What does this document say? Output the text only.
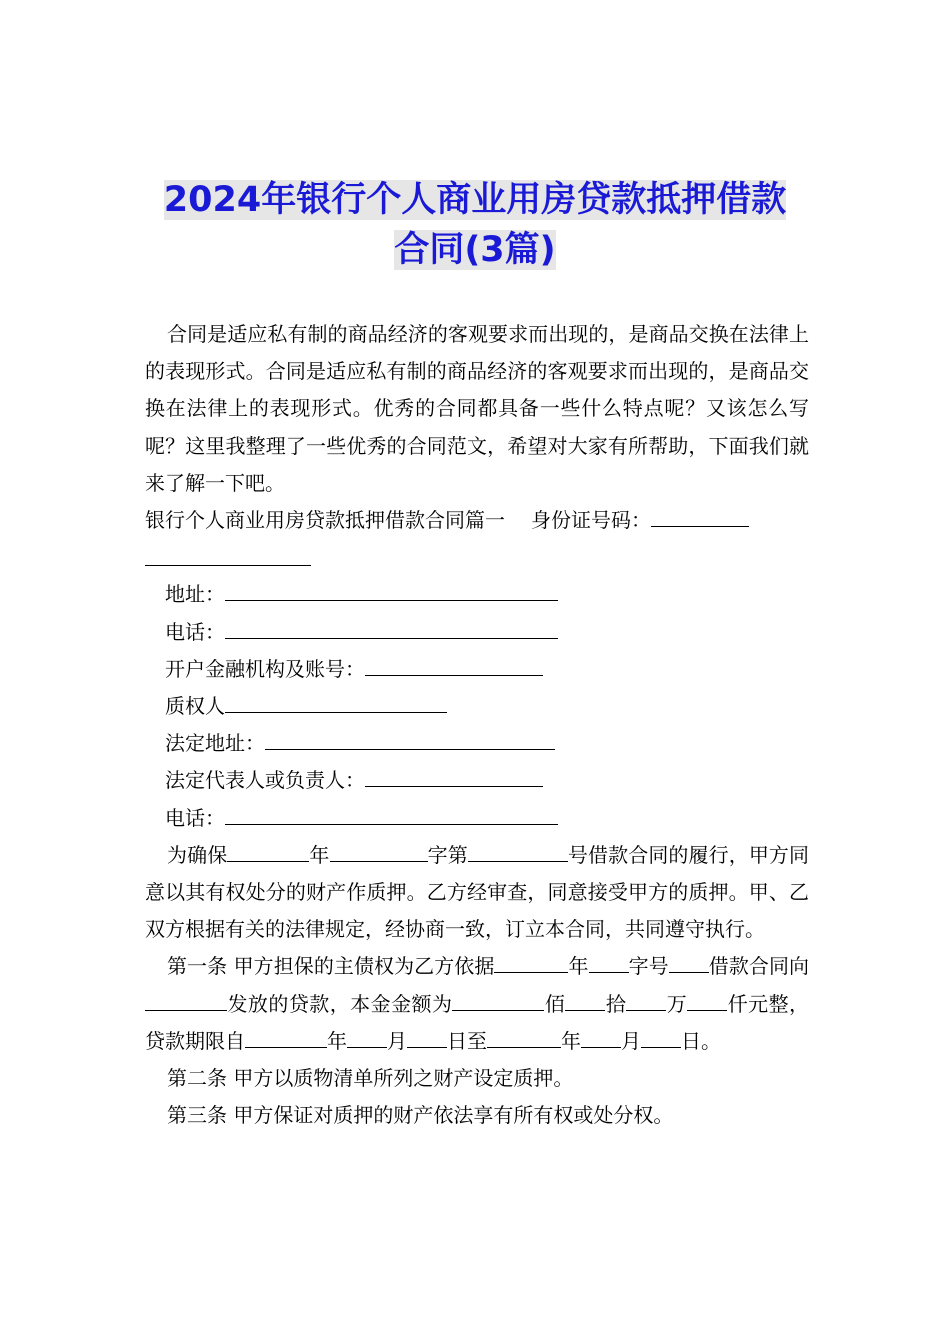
2024年银行个人商业用房贷款抵押借款
合同(3篇)

合同是适应私有制的商品经济的客观要求而出现的，是商品交换在法律上的表现形式。合同是适应私有制的商品经济的客观要求而出现的，是商品交换在法律上的表现形式。优秀的合同都具备一些什么特点呢？又该怎么写呢？这里我整理了一些优秀的合同范文，希望对大家有所帮助，下面我们就来了解一下吧。

银行个人商业用房贷款抵押借款合同篇一 身份证号码：

地址：

电话：

开户金融机构及账号：

质权人

法定地址：

法定代表人或负责人：

电话：

为确保	年	字第	号借款合同的履行，甲方同意以其有权处分的财产作质押。乙方经审查，同意接受甲方的质押。甲、乙双方根据有关的法律规定，经协商一致，订立本合同，共同遵守执行。

第一条 甲方担保的主债权为乙方依据	年 字号 借款合同向发放的贷款，本金金额为	佰 拾 万 仟元整，贷款期限自	年 月 日至	年 月 日。

第二条 甲方以质物清单所列之财产设定质押。

第三条 甲方保证对质押的财产依法享有所有权或处分权。
